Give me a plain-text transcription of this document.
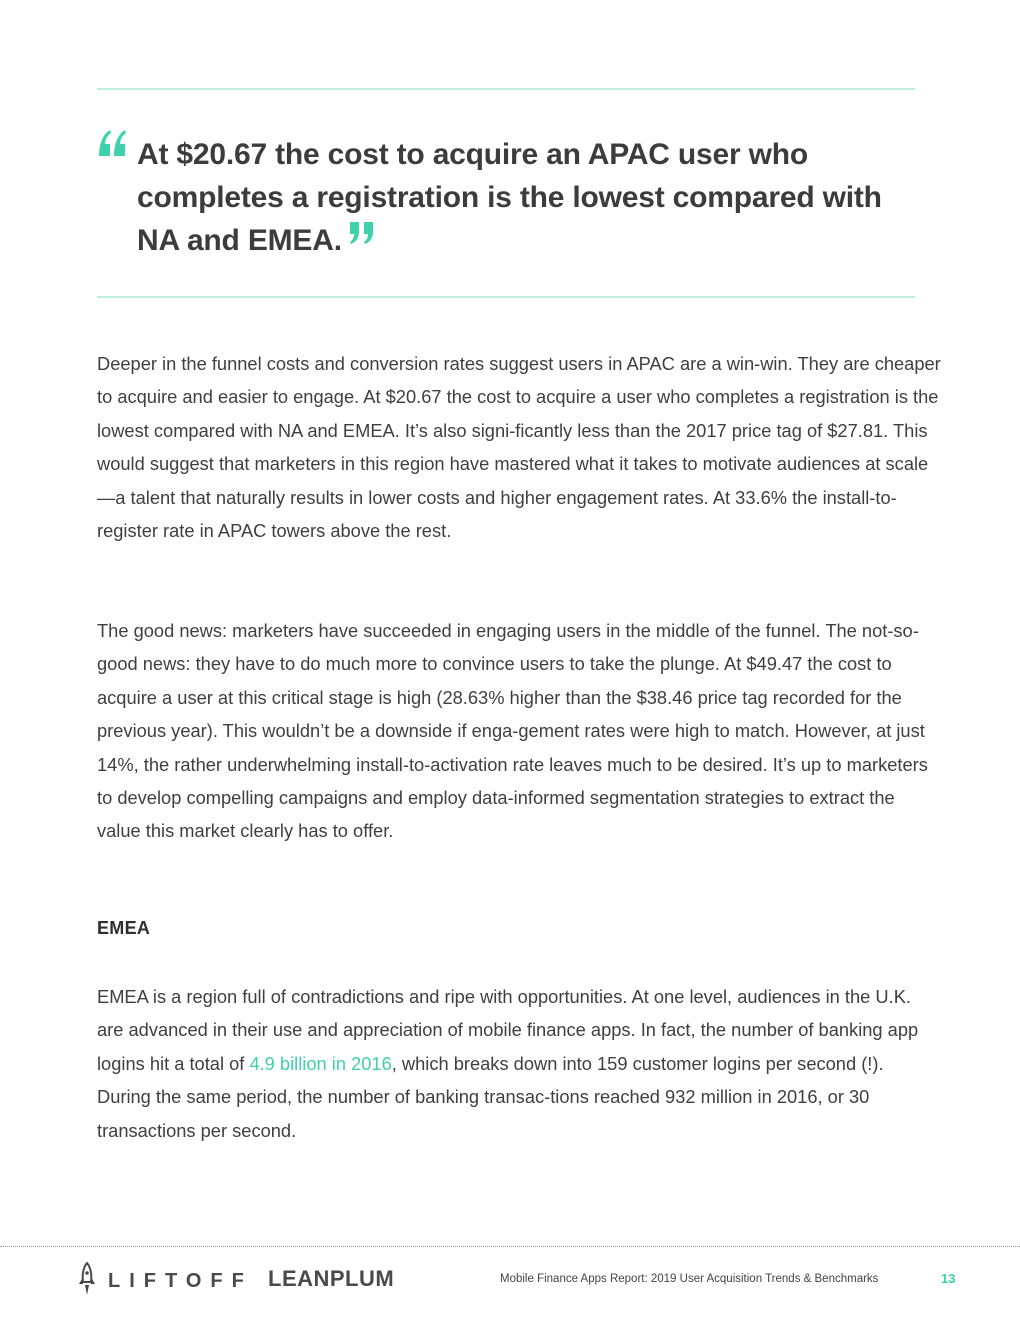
At $20.67 the cost to acquire an APAC user who completes a registration is the lowest compared with NA and EMEA.

Deeper in the funnel costs and conversion rates suggest users in APAC are a win-win. They are cheaper to acquire and easier to engage. At $20.67 the cost to acquire a user who completes a registration is the lowest compared with NA and EMEA. It’s also signi-ficantly less than the 2017 price tag of $27.81. This would suggest that marketers in this region have mastered what it takes to motivate audiences at scale—a talent that naturally results in lower costs and higher engagement rates. At 33.6% the install-to-register rate in APAC towers above the rest.

The good news: marketers have succeeded in engaging users in the middle of the funnel. The not-so-good news: they have to do much more to convince users to take the plunge. At $49.47 the cost to acquire a user at this critical stage is high (28.63% higher than the $38.46 price tag recorded for the previous year). This wouldn’t be a downside if enga-gement rates were high to match. However, at just 14%, the rather underwhelming install-to-activation rate leaves much to be desired. It’s up to marketers to develop compelling campaigns and employ data-informed segmentation strategies to extract the value this market clearly has to offer.

EMEA

EMEA is a region full of contradictions and ripe with opportunities. At one level, audiences in the U.K. are advanced in their use and appreciation of mobile finance apps. In fact, the number of banking app logins hit a total of 4.9 billion in 2016, which breaks down into 159 customer logins per second (!). During the same period, the number of banking transac-tions reached 932 million in 2016, or 30 transactions per second.

LIFTOFF LEANPLUM	Mobile Finance Apps Report: 2019 User Acquisition Trends & Benchmarks	13
